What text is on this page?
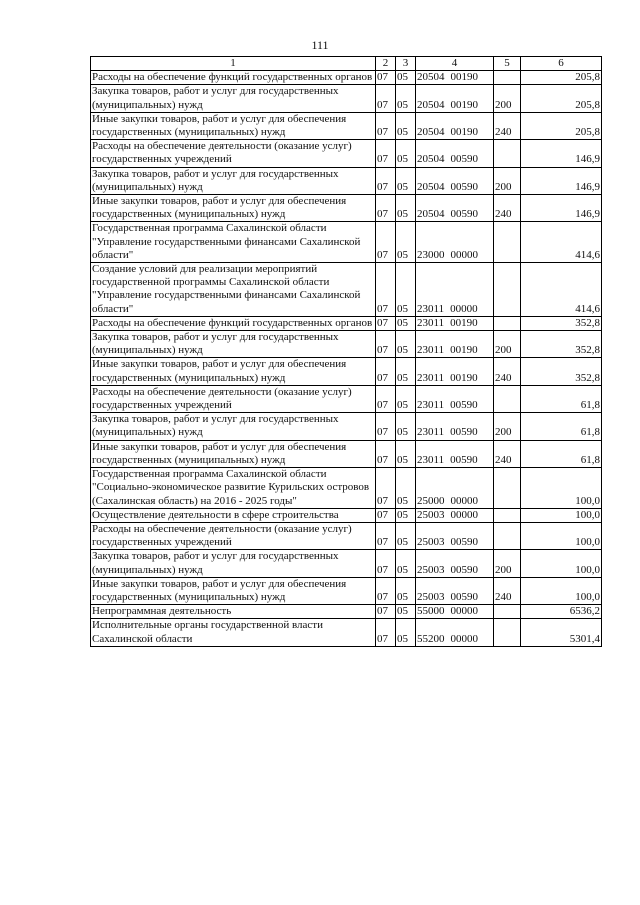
111
1	2	3	4	5	6
Расходы на обеспечение функций государственных органов	07	05	20504 00190		205,8
Закупка товаров, работ и услуг для государственных (муниципальных) нужд	07	05	20504 00190	200	205,8
Иные закупки товаров, работ и услуг для обеспечения государственных (муниципальных) нужд	07	05	20504 00190	240	205,8
Расходы на обеспечение деятельности (оказание услуг) государственных учреждений	07	05	20504 00590		146,9
Закупка товаров, работ и услуг для государственных (муниципальных) нужд	07	05	20504 00590	200	146,9
Иные закупки товаров, работ и услуг для обеспечения государственных (муниципальных) нужд	07	05	20504 00590	240	146,9
Государственная программа Сахалинской области "Управление государственными финансами Сахалинской области"	07	05	23000 00000		414,6
Создание условий для реализации мероприятий государственной программы Сахалинской области "Управление государственными финансами Сахалинской области"	07	05	23011 00000		414,6
Расходы на обеспечение функций государственных органов	07	05	23011 00190		352,8
Закупка товаров, работ и услуг для государственных (муниципальных) нужд	07	05	23011 00190	200	352,8
Иные закупки товаров, работ и услуг для обеспечения государственных (муниципальных) нужд	07	05	23011 00190	240	352,8
Расходы на обеспечение деятельности (оказание услуг) государственных учреждений	07	05	23011 00590		61,8
Закупка товаров, работ и услуг для государственных (муниципальных) нужд	07	05	23011 00590	200	61,8
Иные закупки товаров, работ и услуг для обеспечения государственных (муниципальных) нужд	07	05	23011 00590	240	61,8
Государственная программа Сахалинской области "Социально-экономическое развитие Курильских островов (Сахалинская область) на 2016 - 2025 годы"	07	05	25000 00000		100,0
Осуществление деятельности в сфере строительства	07	05	25003 00000		100,0
Расходы на обеспечение деятельности (оказание услуг) государственных учреждений	07	05	25003 00590		100,0
Закупка товаров, работ и услуг для государственных (муниципальных) нужд	07	05	25003 00590	200	100,0
Иные закупки товаров, работ и услуг для обеспечения государственных (муниципальных) нужд	07	05	25003 00590	240	100,0
Непрограммная деятельность	07	05	55000 00000		6536,2
Исполнительные органы государственной власти Сахалинской области	07	05	55200 00000		5301,4
